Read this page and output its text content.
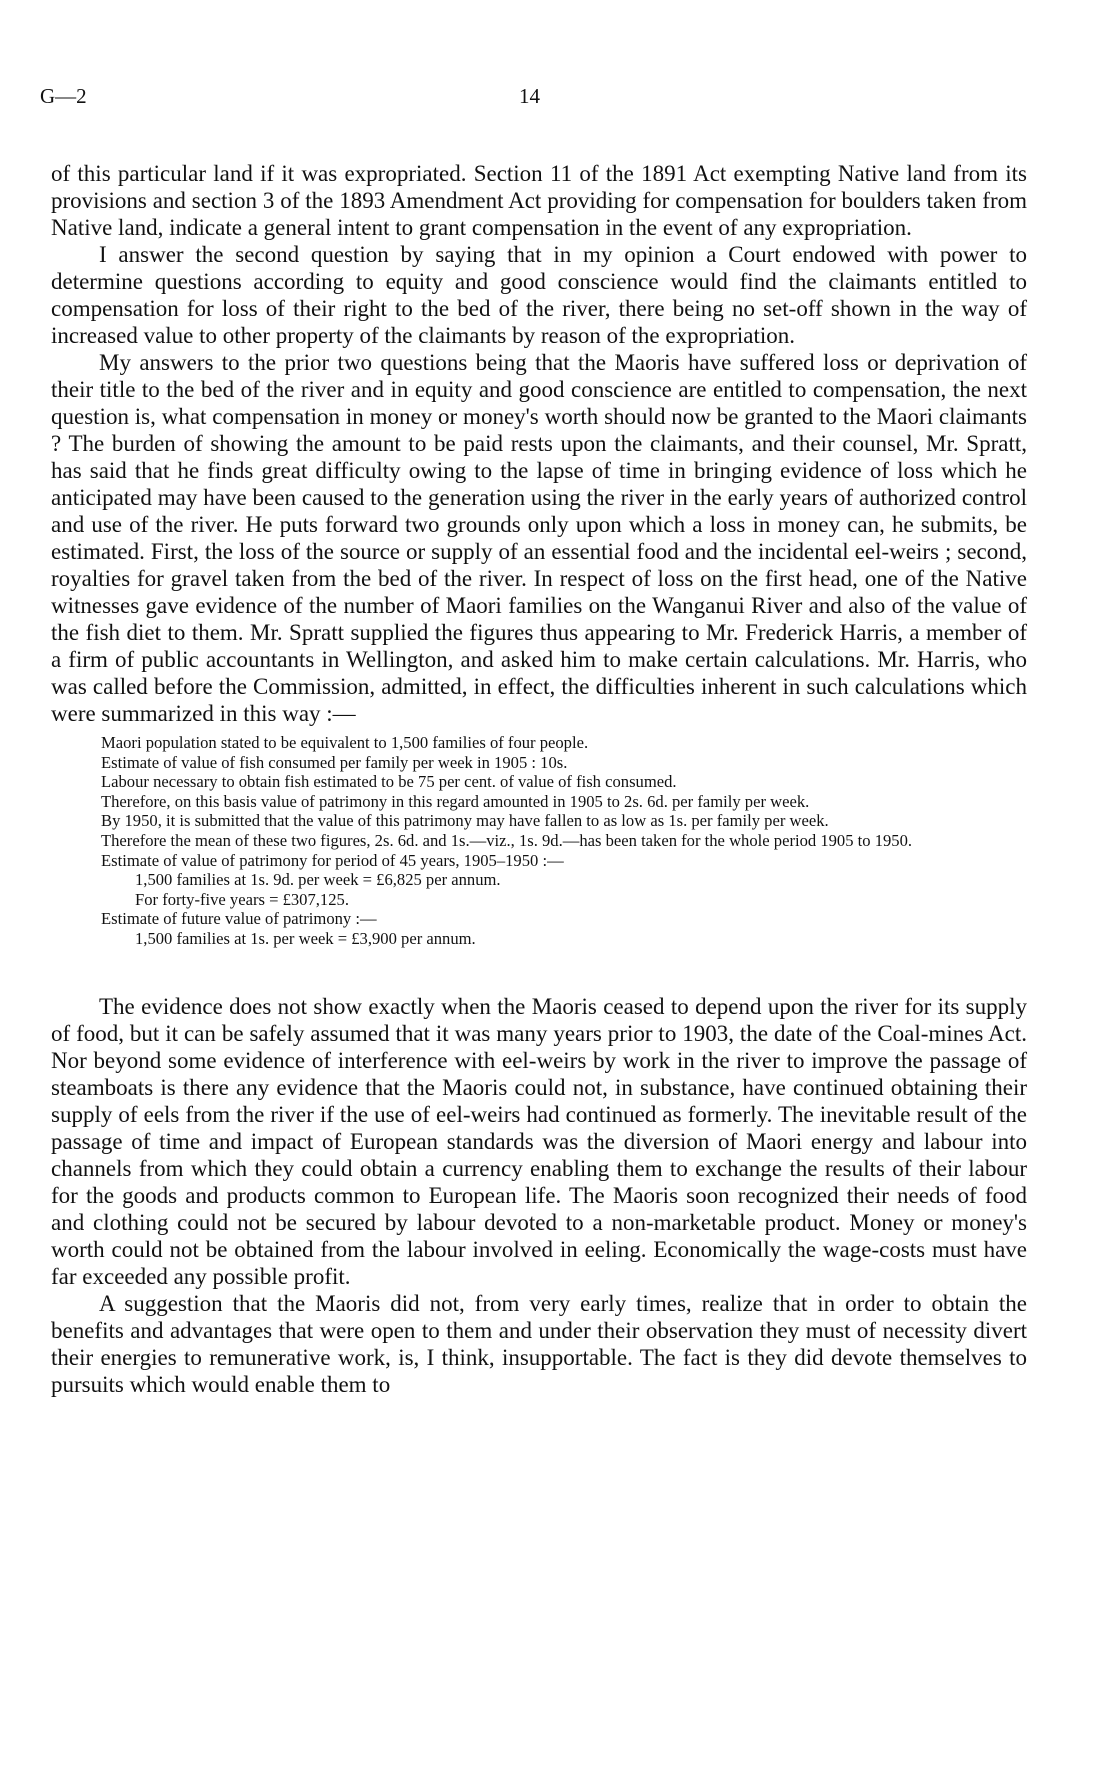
G—2	14

of this particular land if it was expropriated. Section 11 of the 1891 Act exempting Native land from its provisions and section 3 of the 1893 Amendment Act providing for compensation for boulders taken from Native land, indicate a general intent to grant compensation in the event of any expropriation.

I answer the second question by saying that in my opinion a Court endowed with power to determine questions according to equity and good conscience would find the claimants entitled to compensation for loss of their right to the bed of the river, there being no set-off shown in the way of increased value to other property of the claimants by reason of the expropriation.

My answers to the prior two questions being that the Maoris have suffered loss or deprivation of their title to the bed of the river and in equity and good conscience are entitled to compensation, the next question is, what compensation in money or money's worth should now be granted to the Maori claimants ? The burden of showing the amount to be paid rests upon the claimants, and their counsel, Mr. Spratt, has said that he finds great difficulty owing to the lapse of time in bringing evidence of loss which he anticipated may have been caused to the generation using the river in the early years of authorized control and use of the river. He puts forward two grounds only upon which a loss in money can, he submits, be estimated. First, the loss of the source or supply of an essential food and the incidental eel-weirs ; second, royalties for gravel taken from the bed of the river. In respect of loss on the first head, one of the Native witnesses gave evidence of the number of Maori families on the Wanganui River and also of the value of the fish diet to them. Mr. Spratt supplied the figures thus appearing to Mr. Frederick Harris, a member of a firm of public accountants in Wellington, and asked him to make certain calculations. Mr. Harris, who was called before the Commission, admitted, in effect, the difficulties inherent in such calculations which were summarized in this way :—

Maori population stated to be equivalent to 1,500 families of four people.

Estimate of value of fish consumed per family per week in 1905 : 10s.

Labour necessary to obtain fish estimated to be 75 per cent. of value of fish consumed.

Therefore, on this basis value of patrimony in this regard amounted in 1905 to 2s. 6d. per family per week.

By 1950, it is submitted that the value of this patrimony may have fallen to as low as 1s. per family per week.

Therefore the mean of these two figures, 2s. 6d. and 1s.—viz., 1s. 9d.—has been taken for the whole period 1905 to 1950.

Estimate of value of patrimony for period of 45 years, 1905–1950 :—

1,500 families at 1s. 9d. per week = £6,825 per annum.

For forty-five years = £307,125.

Estimate of future value of patrimony :—

1,500 families at 1s. per week = £3,900 per annum.

The evidence does not show exactly when the Maoris ceased to depend upon the river for its supply of food, but it can be safely assumed that it was many years prior to 1903, the date of the Coal-mines Act. Nor beyond some evidence of interference with eel-weirs by work in the river to improve the passage of steamboats is there any evidence that the Maoris could not, in substance, have continued obtaining their supply of eels from the river if the use of eel-weirs had continued as formerly. The inevitable result of the passage of time and impact of European standards was the diversion of Maori energy and labour into channels from which they could obtain a currency enabling them to exchange the results of their labour for the goods and products common to European life. The Maoris soon recognized their needs of food and clothing could not be secured by labour devoted to a non-marketable product. Money or money's worth could not be obtained from the labour involved in eeling. Economically the wage-costs must have far exceeded any possible profit.

A suggestion that the Maoris did not, from very early times, realize that in order to obtain the benefits and advantages that were open to them and under their observation they must of necessity divert their energies to remunerative work, is, I think, insupportable. The fact is they did devote themselves to pursuits which would enable them to
